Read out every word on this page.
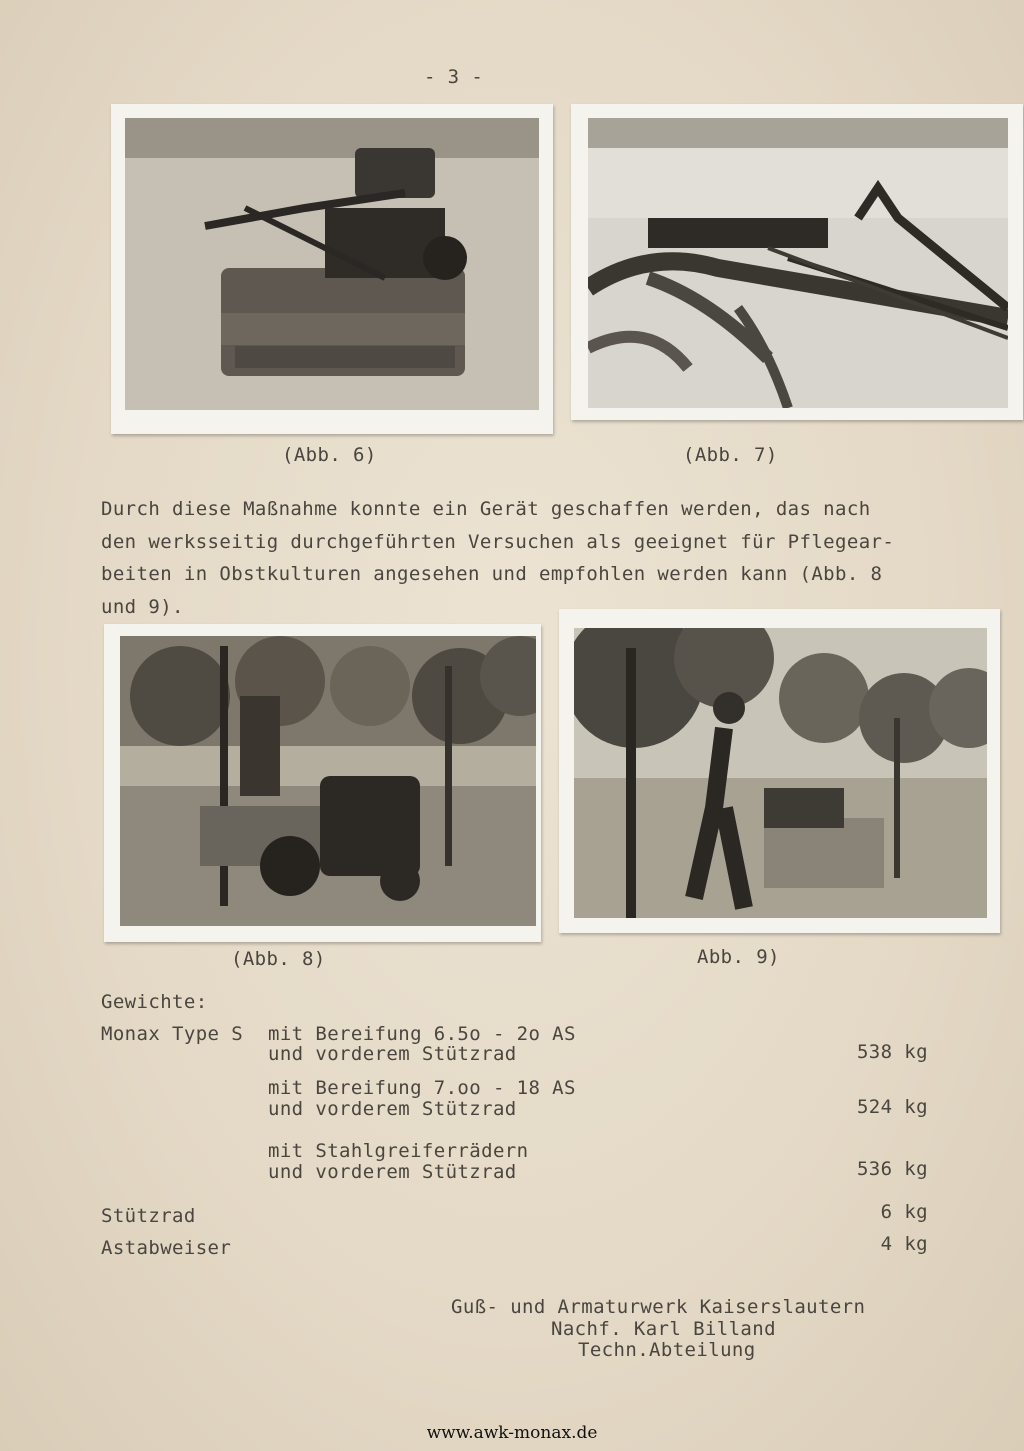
- 3 -
(Abb. 6)	(Abb. 7)
Durch diese Maßnahme konnte ein Gerät geschaffen werden, das nach
den werksseitig durchgeführten Versuchen als geeignet für Pflegear-
beiten in Obstkulturen angesehen und empfohlen werden kann (Abb. 8
und 9).
(Abb. 8)	Abb. 9)
Gewichte:
Monax Type S mit Bereifung 6.5o - 2o AS
und vorderem Stützrad	538 kg
mit Bereifung 7.oo - 18 AS
und vorderem Stützrad	524 kg
mit Stahlgreiferrädern
und vorderem Stützrad	536 kg
Stützrad	6 kg
Astabweiser	4 kg
Guß- und Armaturwerk Kaiserslautern
Nachf. Karl Billand
Techn.Abteilung
www.awk-monax.de
